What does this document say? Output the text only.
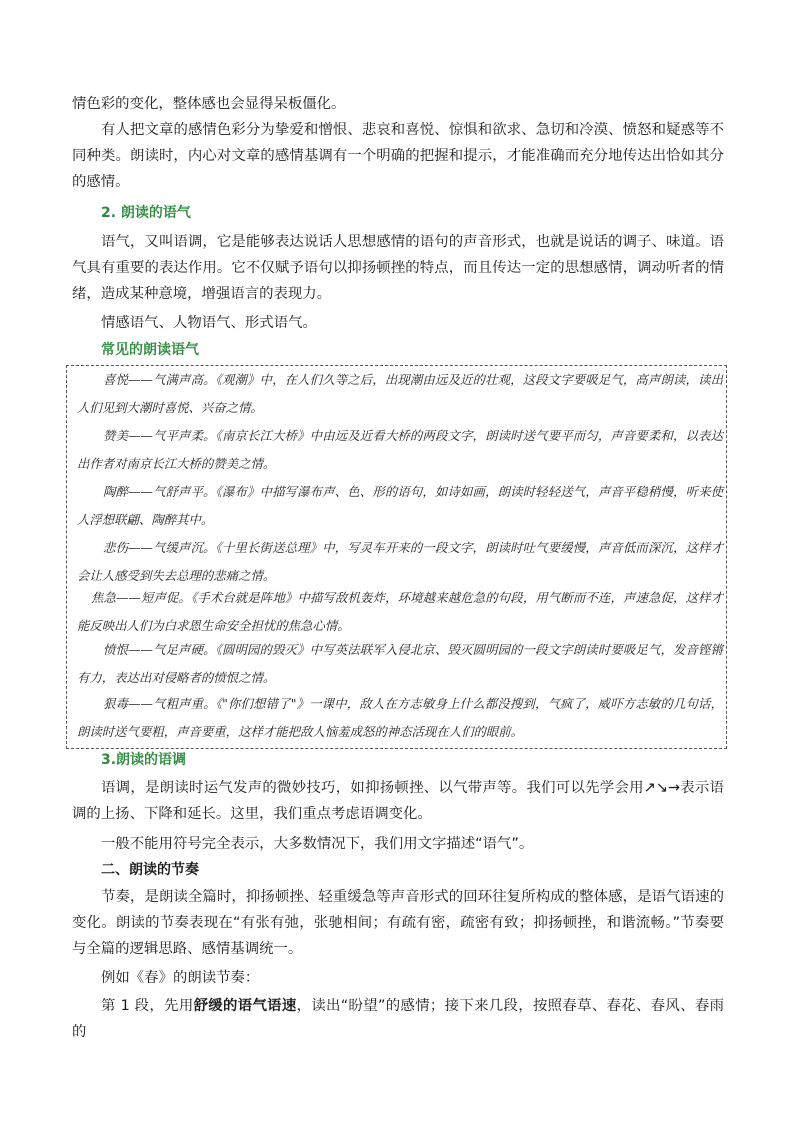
情色彩的变化，整体感也会显得呆板僵化。

有人把文章的感情色彩分为挚爱和憎恨、悲哀和喜悦、惊惧和欲求、急切和冷漠、愤怒和疑惑等不同种类。朗读时，内心对文章的感情基调有一个明确的把握和提示，才能准确而充分地传达出恰如其分的感情。

2. 朗读的语气

语气，又叫语调，它是能够表达说话人思想感情的语句的声音形式，也就是说话的调子、味道。语气具有重要的表达作用。它不仅赋予语句以抑扬顿挫的特点，而且传达一定的思想感情，调动听者的情绪，造成某种意境，增强语言的表现力。

情感语气、人物语气、形式语气。

常见的朗读语气

喜悦——气满声高。《观潮》中，在人们久等之后，出现潮由远及近的壮观，这段文字要吸足气，高声朗读，读出人们见到大潮时喜悦、兴奋之情。

赞美——气平声柔。《南京长江大桥》中由远及近看大桥的两段文字，朗读时送气要平而匀，声音要柔和，以表达出作者对南京长江大桥的赞美之情。

陶醉——气舒声平。《瀑布》中描写瀑布声、色、形的语句，如诗如画，朗读时轻轻送气，声音平稳稍慢，听来使人浮想联翩、陶醉其中。

悲伤——气缓声沉。《十里长街送总理》中，写灵车开来的一段文字，朗读时吐气要缓慢，声音低而深沉，这样才会让人感受到失去总理的悲痛之情。

焦急——短声促。《手术台就是阵地》中描写敌机轰炸，环境越来越危急的句段，用气断而不连，声速急促，这样才能反映出人们为白求恩生命安全担忧的焦急心情。

愤恨——气足声硬。《圆明园的毁灭》中写英法联军入侵北京、毁灭圆明园的一段文字朗读时要吸足气，发音铿锵有力，表达出对侵略者的愤恨之情。

狠毒——气粗声重。《"你们想错了"》一课中，敌人在方志敏身上什么都没搜到，气疯了，威吓方志敏的几句话，朗读时送气要粗，声音要重，这样才能把敌人恼羞成怒的神态活现在人们的眼前。

3.朗读的语调

语调，是朗读时运气发声的微妙技巧，如抑扬顿挫、以气带声等。我们可以先学会用↗↘→表示语调的上扬、下降和延长。这里，我们重点考虑语调变化。

一般不能用符号完全表示，大多数情况下，我们用文字描述“语气”。

二、朗读的节奏

节奏，是朗读全篇时，抑扬顿挫、轻重缓急等声音形式的回环往复所构成的整体感，是语气语速的变化。朗读的节奏表现在“有张有弛，张驰相间；有疏有密，疏密有致；抑扬顿挫，和谐流畅。”节奏要与全篇的逻辑思路、感情基调统一。

例如《春》的朗读节奏：

第 1 段，先用舒缓的语气语速，读出“盼望”的感情；接下来几段，按照春草、春花、春风、春雨的
